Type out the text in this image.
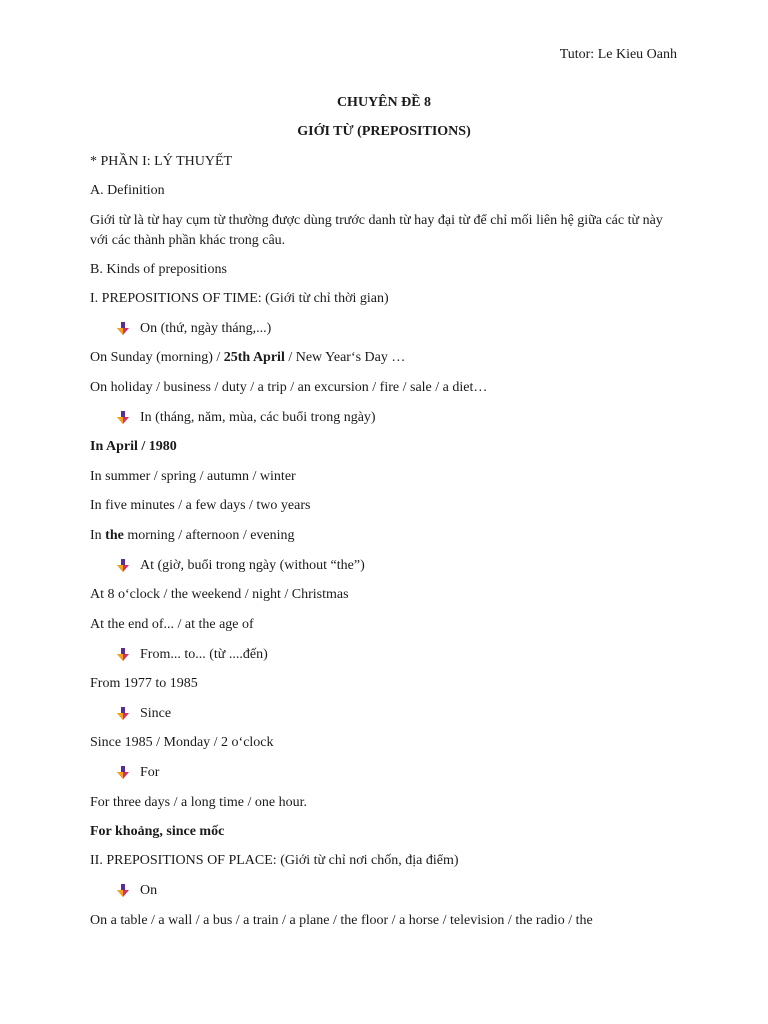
Tutor: Le Kieu Oanh
CHUYÊN ĐỀ 8
GIỚI TỪ (PREPOSITIONS)
* PHẦN I: LÝ THUYẾT
A. Definition
Giới từ là từ hay cụm từ thường được dùng trước danh từ hay đại từ để chỉ mối liên hệ giữa các từ này với các thành phần khác trong câu.
B. Kinds of prepositions
I. PREPOSITIONS OF TIME: (Giới từ chỉ thời gian)
On (thứ, ngày tháng,...)
On Sunday (morning) / 25th April / New Year‘s Day …
On holiday / business / duty / a trip / an excursion / fire / sale / a diet…
In (tháng, năm, mùa, các buổi trong ngày)
In April / 1980
In summer / spring / autumn / winter
In five minutes / a few days / two years
In the morning / afternoon / evening
At (giờ, buổi trong ngày (without “the”)
At 8 o‘clock / the weekend / night / Christmas
At the end of... / at the age of
From... to... (từ ....đến)
From 1977 to 1985
Since
Since 1985 / Monday / 2 o‘clock
For
For three days / a long time / one hour.
For khoảng, since mốc
II. PREPOSITIONS OF PLACE: (Giới từ chỉ nơi chốn, địa điểm)
On
On a table / a wall / a bus / a train / a plane / the floor / a horse / television / the radio / the
